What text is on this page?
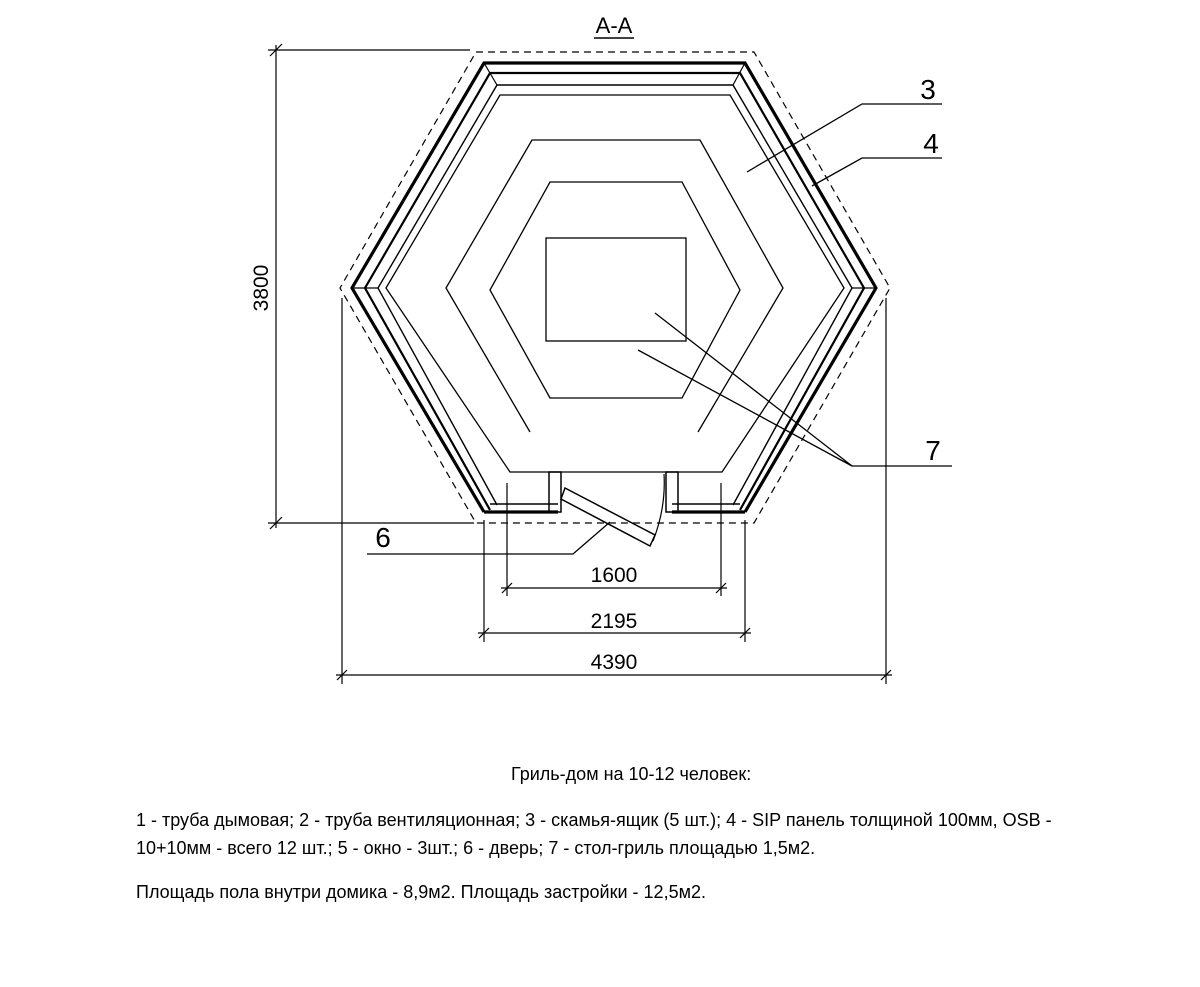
А-А
3
4
7
6
3800
1600
2195
4390

Гриль-дом на 10-12 человек:

1 - труба дымовая; 2 - труба вентиляционная; 3 - скамья-ящик (5 шт.); 4 - SIP панель толщиной 100мм, OSB - 10+10мм - всего 12 шт.; 5 - окно - 3шт.; 6 - дверь; 7 - стол-гриль площадью 1,5м2.

Площадь пола внутри домика - 8,9м2. Площадь застройки - 12,5м2.
